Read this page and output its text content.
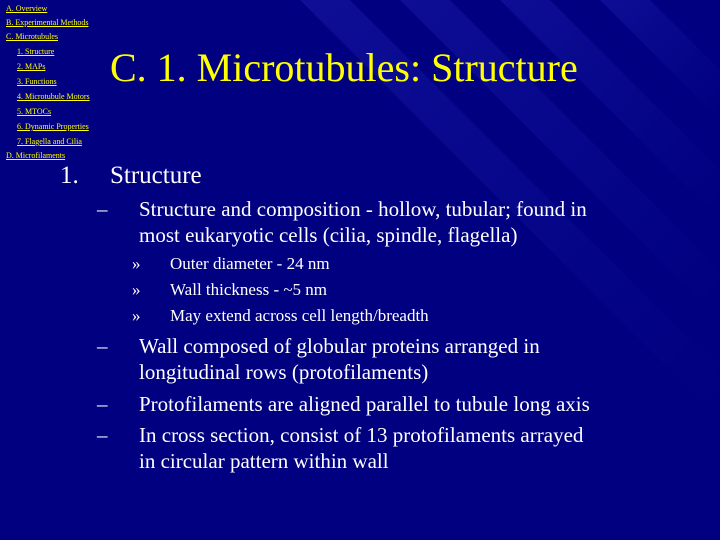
A. Overview
B. Experimental Methods
C. Microtubules
1. Structure
2. MAPs
3. Functions
4. Microtubule Motors
5. MTOCs
6. Dynamic Properties
7. Flagella and Cilia
D. Microfilaments
C. 1. Microtubules: Structure
1. Structure
– Structure and composition - hollow, tubular; found in
most eukaryotic cells (cilia, spindle, flagella)
» Outer diameter - 24 nm
» Wall thickness - ~5 nm
» May extend across cell length/breadth
– Wall composed of globular proteins arranged in
longitudinal rows (protofilaments)
– Protofilaments are aligned parallel to tubule long axis
– In cross section, consist of 13 protofilaments arrayed
in circular pattern within wall
